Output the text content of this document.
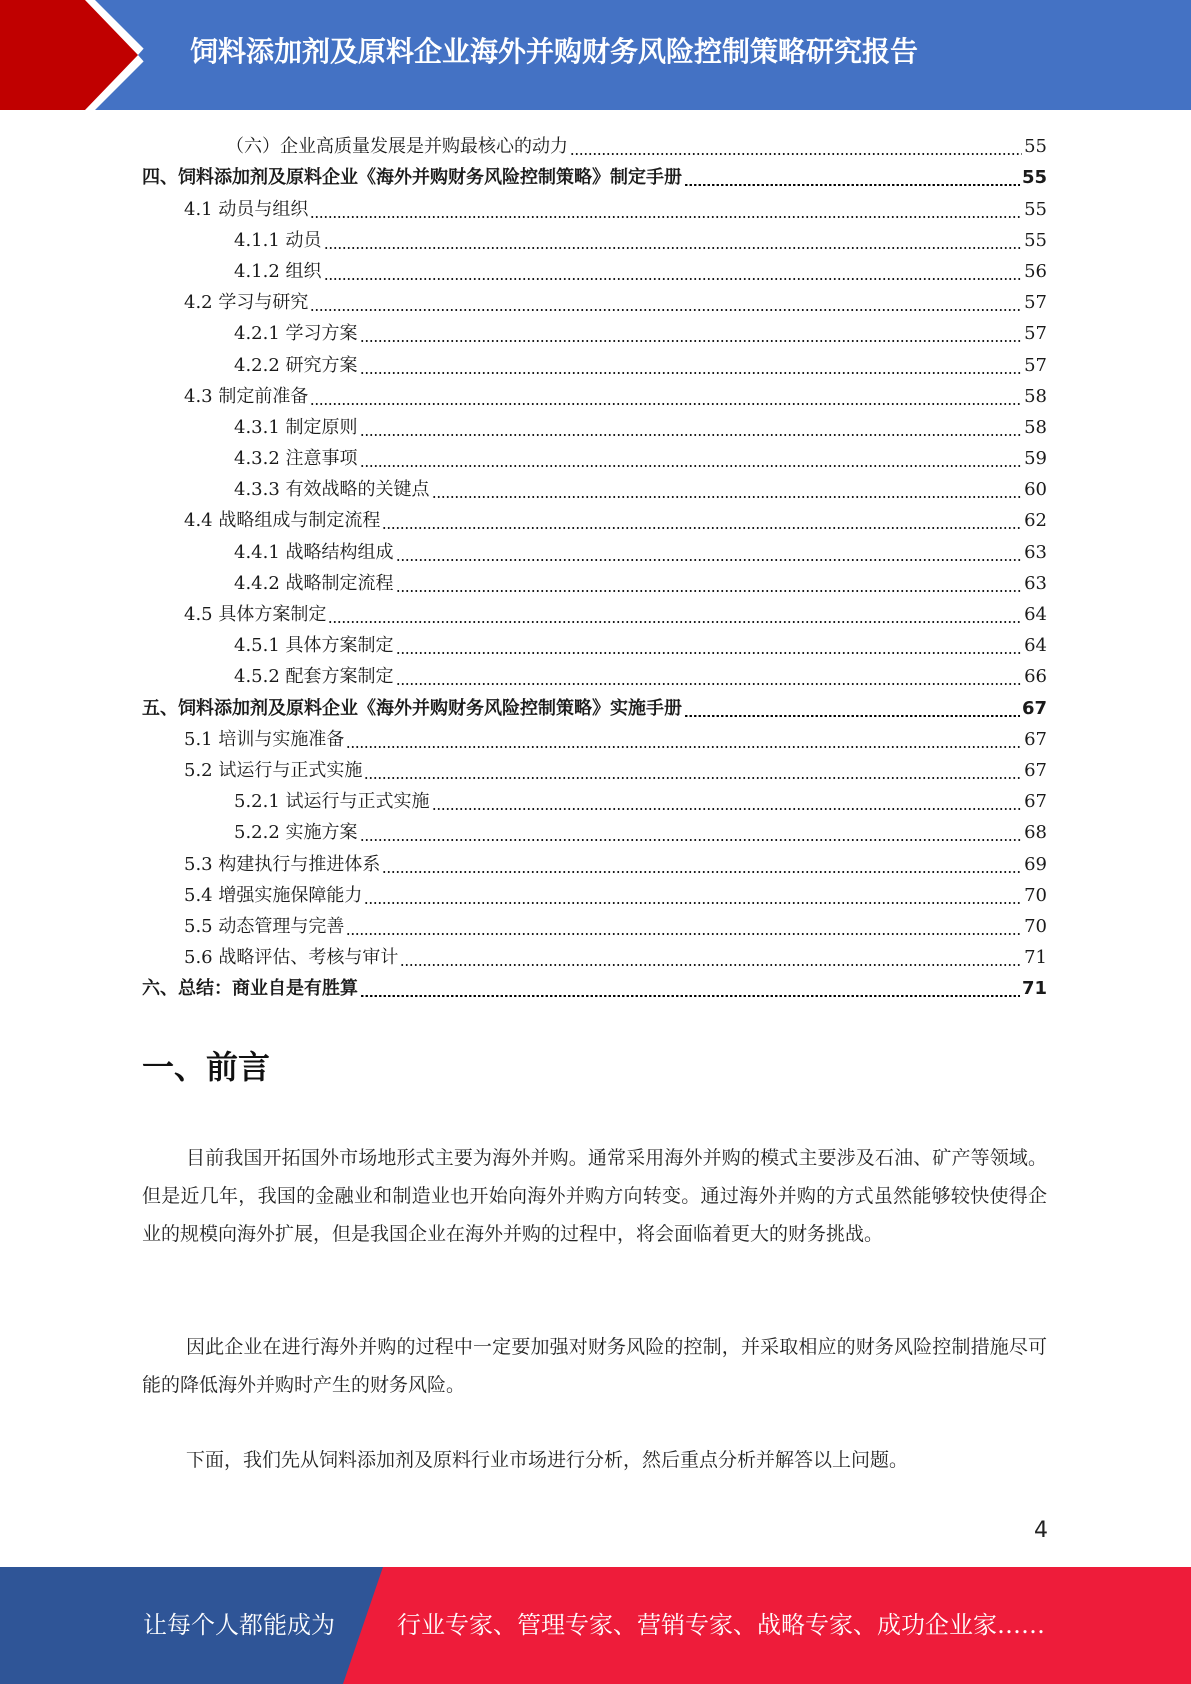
饲料添加剂及原料企业海外并购财务风险控制策略研究报告
（六）企业高质量发展是并购最核心的动力	55
四、饲料添加剂及原料企业《海外并购财务风险控制策略》制定手册	55
4.1 动员与组织	55
4.1.1 动员	55
4.1.2 组织	56
4.2 学习与研究	57
4.2.1 学习方案	57
4.2.2 研究方案	57
4.3 制定前准备	58
4.3.1 制定原则	58
4.3.2 注意事项	59
4.3.3 有效战略的关键点	60
4.4 战略组成与制定流程	62
4.4.1 战略结构组成	63
4.4.2 战略制定流程	63
4.5 具体方案制定	64
4.5.1 具体方案制定	64
4.5.2 配套方案制定	66
五、饲料添加剂及原料企业《海外并购财务风险控制策略》实施手册	67
5.1 培训与实施准备	67
5.2 试运行与正式实施	67
5.2.1 试运行与正式实施	67
5.2.2 实施方案	68
5.3 构建执行与推进体系	69
5.4 增强实施保障能力	70
5.5 动态管理与完善	70
5.6 战略评估、考核与审计	71
六、总结：商业自是有胜算	71
一、前言

目前我国开拓国外市场地形式主要为海外并购。通常采用海外并购的模式主要涉及石油、矿产等领域。但是近几年，我国的金融业和制造业也开始向海外并购方向转变。通过海外并购的方式虽然能够较快使得企业的规模向海外扩展，但是我国企业在海外并购的过程中，将会面临着更大的财务挑战。

因此企业在进行海外并购的过程中一定要加强对财务风险的控制，并采取相应的财务风险控制措施尽可能的降低海外并购时产生的财务风险。

下面，我们先从饲料添加剂及原料行业市场进行分析，然后重点分析并解答以上问题。

4
让每个人都能成为	行业专家、管理专家、营销专家、战略专家、成功企业家……
